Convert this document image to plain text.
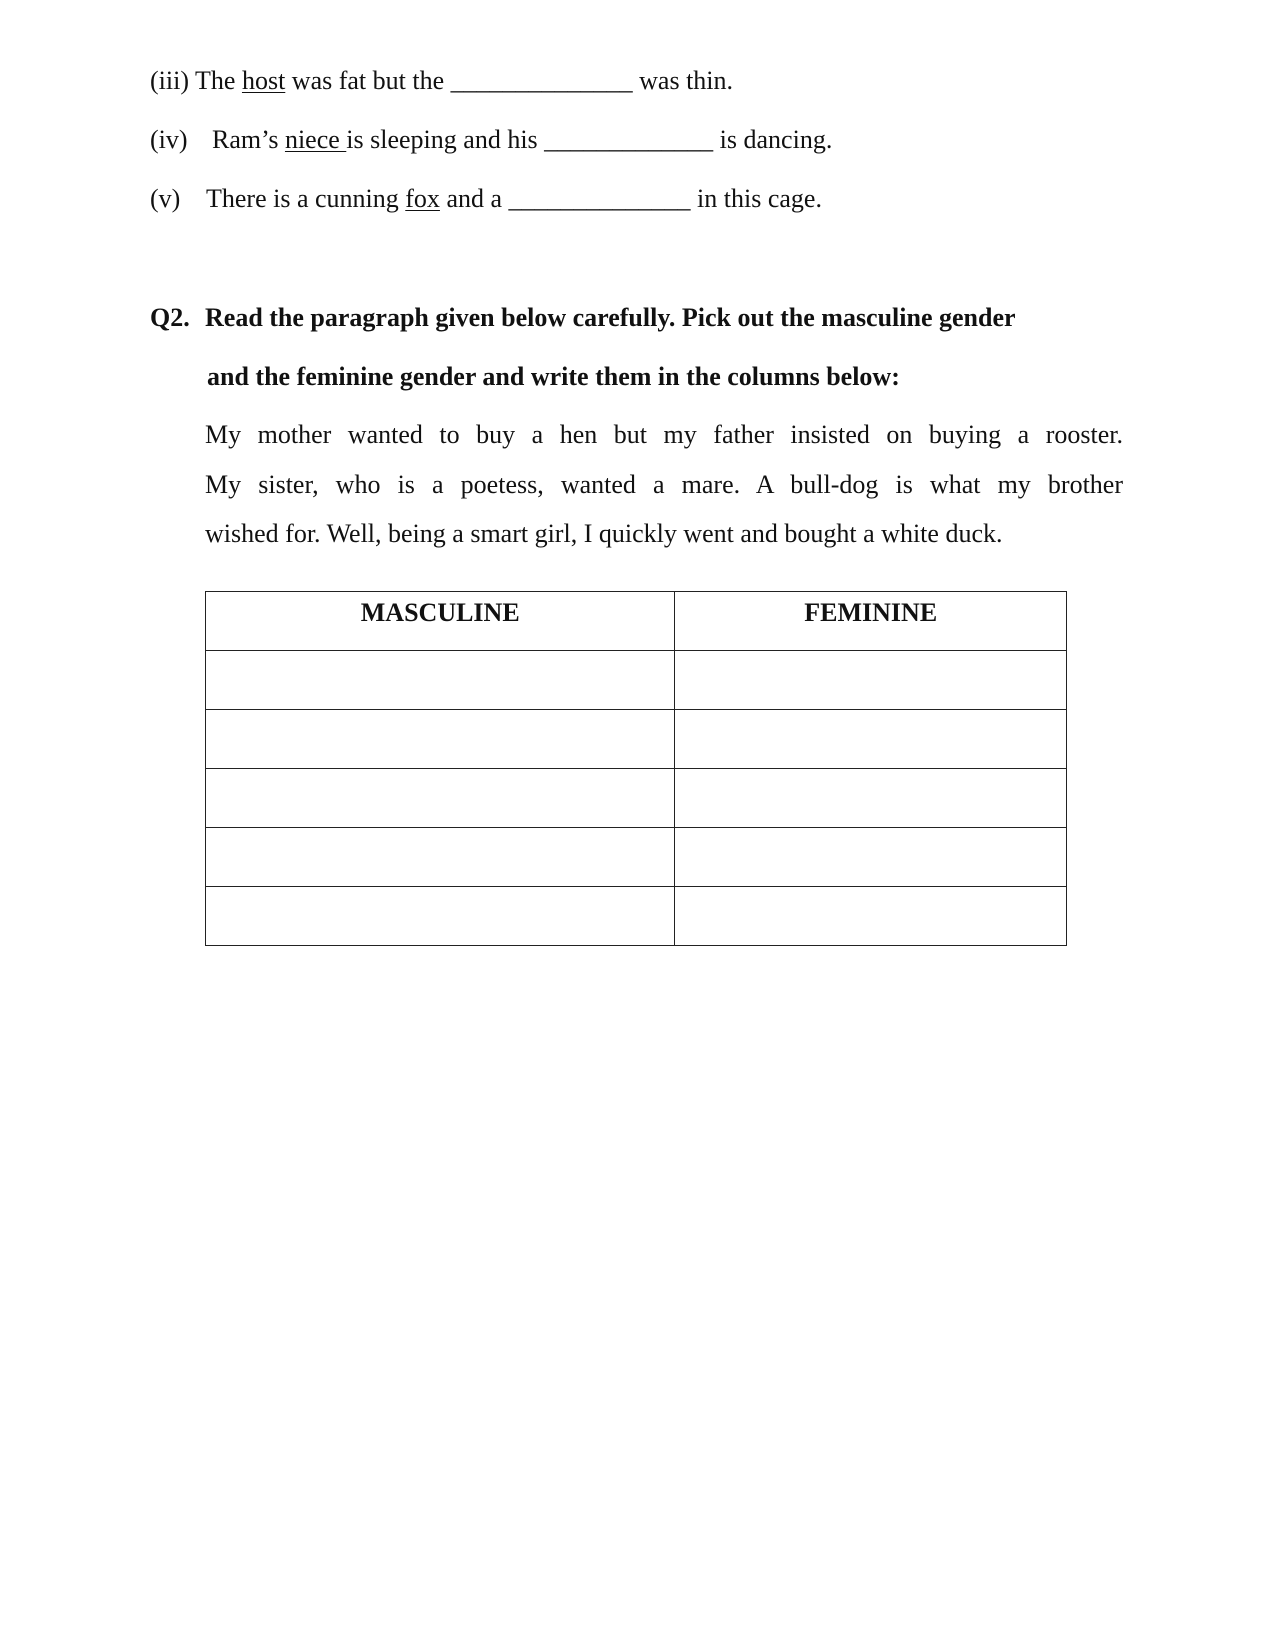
(iii) The host was fat but the ______________ was thin.
(iv) Ram’s niece is sleeping and his _____________ is dancing.
(v) There is a cunning fox and a ______________ in this cage.
Q2. Read the paragraph given below carefully. Pick out the masculine gender
and the feminine gender and write them in the columns below:
My mother wanted to buy a hen but my father insisted on buying a rooster.
My sister, who is a poetess, wanted a mare. A bull-dog is what my brother
wished for. Well, being a smart girl, I quickly went and bought a white duck.
MASCULINE	FEMININE
